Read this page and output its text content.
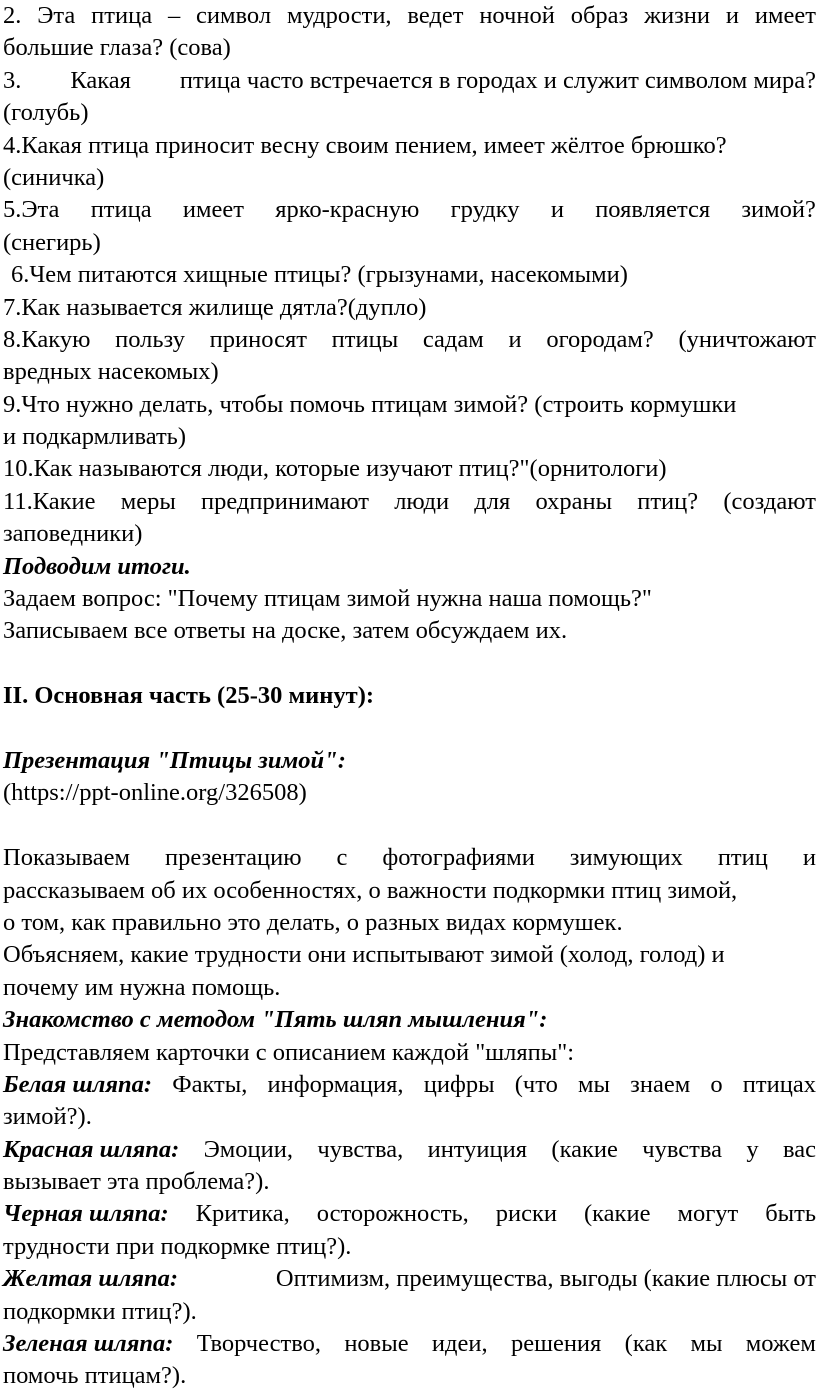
2. Эта птица – символ мудрости, ведет ночной образ жизни и имеет
большие глаза? (сова)
3. Какая птица часто встречается в городах и служит символом мира?
(голубь)
4.Какая птица приносит весну своим пением, имеет жёлтое брюшко?
(синичка)
5.Эта птица имеет ярко-красную грудку и появляется зимой?
(снегирь)
6.Чем питаются хищные птицы? (грызунами, насекомыми)
7.Как называется жилище дятла?(дупло)
8.Какую пользу приносят птицы садам и огородам? (уничтожают
вредных насекомых)
9.Что нужно делать, чтобы помочь птицам зимой? (строить кормушки
и подкармливать)
10.Как называются люди, которые изучают птиц?"(орнитологи)
11.Какие меры предпринимают люди для охраны птиц? (создают
заповедники)
Подводим итоги.
Задаем вопрос: "Почему птицам зимой нужна наша помощь?"
Записываем все ответы на доске, затем обсуждаем их.
II. Основная часть (25-30 минут):
Презентация "Птицы зимой":
(https://ppt-online.org/326508)
Показываем презентацию с фотографиями зимующих птиц и
рассказываем об их особенностях, о важности подкормки птиц зимой,
о том, как правильно это делать, о разных видах кормушек.
Объясняем, какие трудности они испытывают зимой (холод, голод) и
почему им нужна помощь.
Знакомство с методом "Пять шляп мышления":
Представляем карточки с описанием каждой "шляпы":
Белая шляпа: Факты, информация, цифры (что мы знаем о птицах
зимой?).
Красная шляпа: Эмоции, чувства, интуиция (какие чувства у вас
вызывает эта проблема?).
Черная шляпа: Критика, осторожность, риски (какие могут быть
трудности при подкормке птиц?).
Желтая шляпа:	Оптимизм, преимущества, выгоды (какие плюсы от
подкормки птиц?).
Зеленая шляпа: Творчество, новые идеи, решения (как мы можем
помочь птицам?).
